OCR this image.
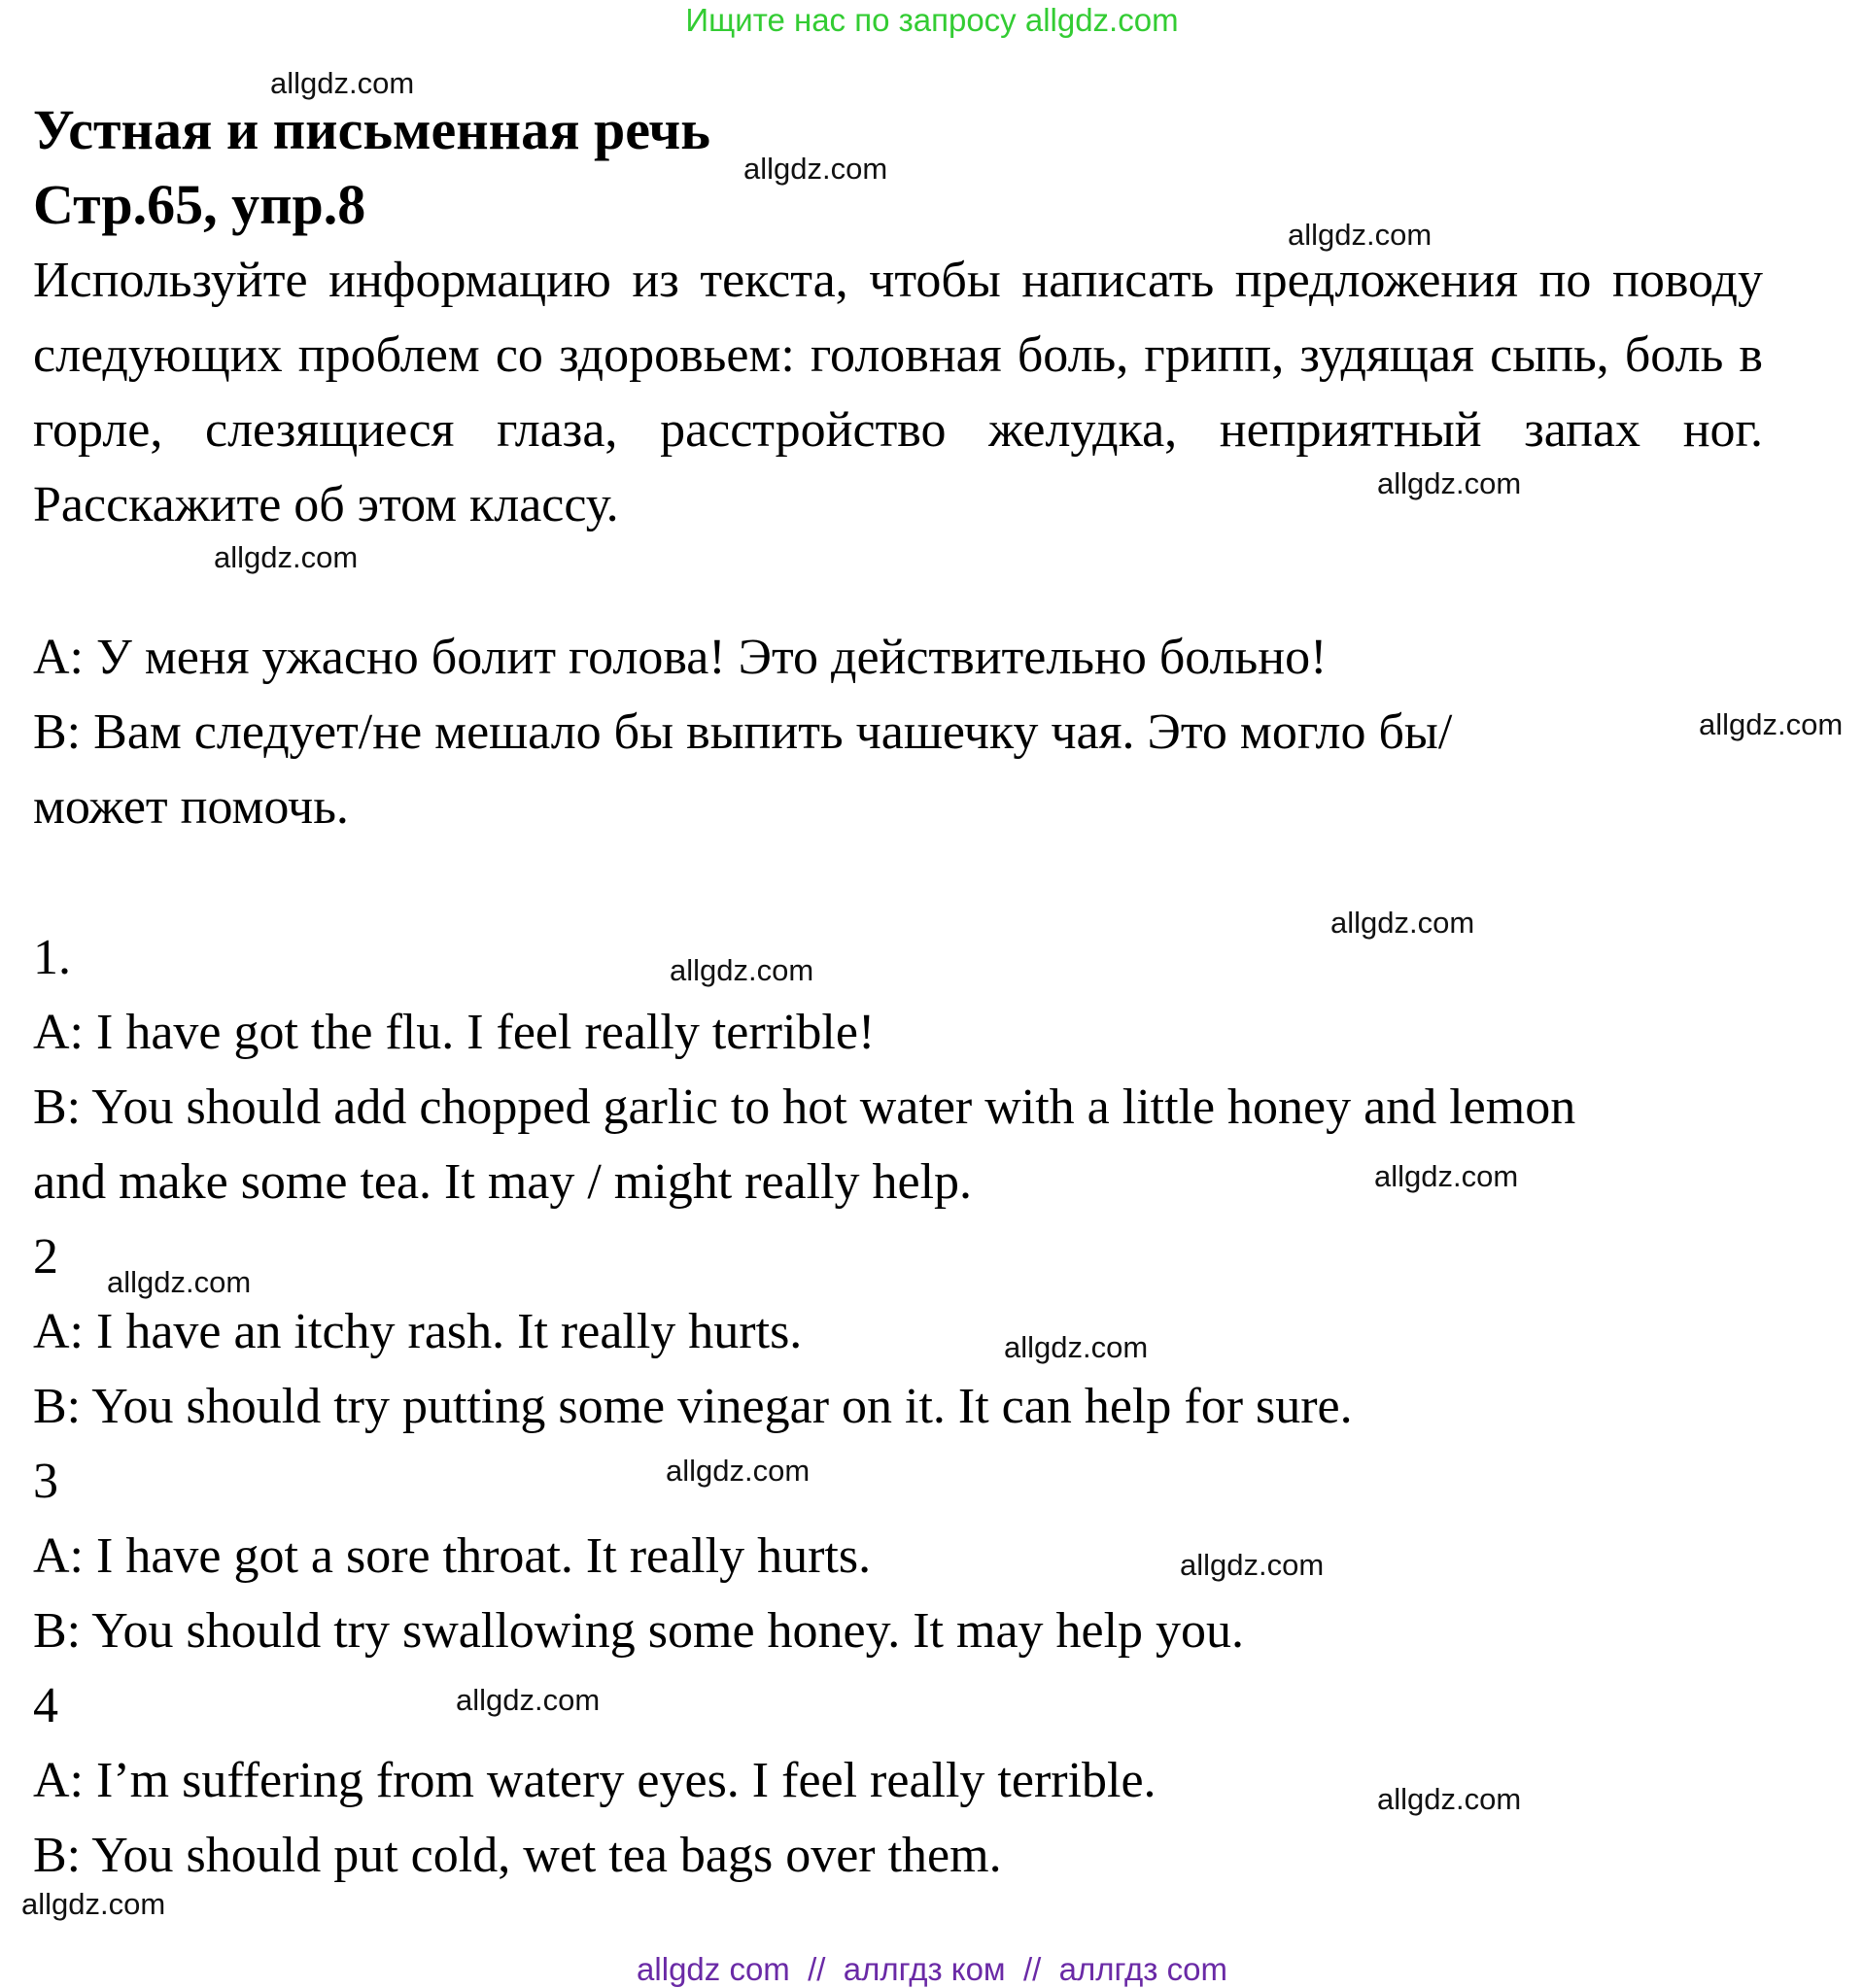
Ищите нас по запросу allgdz.com
Устная и письменная речь
Стр.65, упр.8
Используйте информацию из текста, чтобы написать предложения по поводу следующих проблем со здоровьем: головная боль, грипп, зудящая сыпь, боль в горле, слезящиеся глаза, расстройство желудка, неприятный запах ног. Расскажите об этом классу.
А: У меня ужасно болит голова! Это действительно больно!
В: Вам следует/не мешало бы выпить чашечку чая. Это могло бы/
может помочь.
1.
A: I have got the flu. I feel really terrible!
B: You should add chopped garlic to hot water with a little honey and lemon
and make some tea. It may / might really help.
2
A: I have an itchy rash. It really hurts.
B: You should try putting some vinegar on it. It can help for sure.
3
A: I have got a sore throat. It really hurts.
B: You should try swallowing some honey. It may help you.
4
A: I’m suffering from watery eyes. I feel really terrible.
B: You should put cold, wet tea bags over them.
allgdz.com
allgdz.com
allgdz.com
allgdz.com
allgdz.com
allgdz.com
allgdz.com
allgdz.com
allgdz.com
allgdz.com
allgdz.com
allgdz.com
allgdz.com
allgdz.com
allgdz.com
allgdz.com
allgdz com  //  аллгдз ком  //  аллгдз com
